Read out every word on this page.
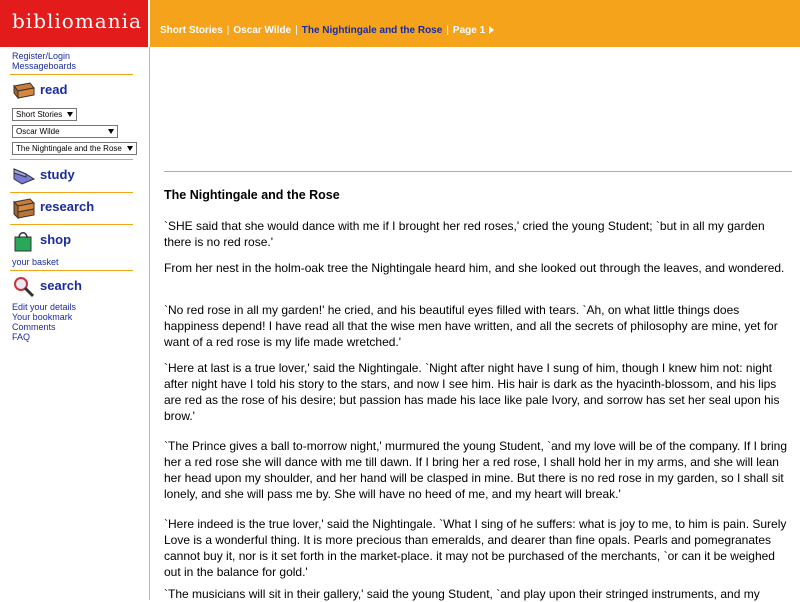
bibliomania Short Stories | Oscar Wilde | The Nightingale and the Rose | Page 1
Register/Login
Messageboards
read
Short Stories
Oscar Wilde
The Nightingale and the Rose
study
research
shop
your basket
search
Edit your details
Your bookmark
Comments
FAQ
The Nightingale and the Rose

`SHE said that she would dance with me if I brought her red roses,' cried the young Student; `but in all my garden there is no red rose.'

From her nest in the holm-oak tree the Nightingale heard him, and she looked out through the leaves, and wondered.

`No red rose in all my garden!' he cried, and his beautiful eyes filled with tears. `Ah, on what little things does happiness depend! I have read all that the wise men have written, and all the secrets of philosophy are mine, yet for want of a red rose is my life made wretched.'

`Here at last is a true lover,' said the Nightingale. `Night after night have I sung of him, though I knew him not: night after night have I told his story to the stars, and now I see him. His hair is dark as the hyacinth-blossom, and his lips are red as the rose of his desire; but passion has made his lace like pale Ivory, and sorrow has set her seal upon his brow.'

`The Prince gives a ball to-morrow night,' murmured the young Student, `and my love will be of the company. If I bring her a red rose she will dance with me till dawn. If I bring her a red rose, I shall hold her in my arms, and she will lean her head upon my shoulder, and her hand will be clasped in mine. But there is no red rose in my garden, so I shall sit lonely, and she will pass me by. She will have no heed of me, and my heart will break.'

`Here indeed is the true lover,' said the Nightingale. `What I sing of he suffers: what is joy to me, to him is pain. Surely Love is a wonderful thing. It is more precious than emeralds, and dearer than fine opals. Pearls and pomegranates cannot buy it, nor is it set forth in the market-place. it may not be purchased of the merchants, `or can it be weighed out in the balance for gold.'

`The musicians will sit in their gallery,' said the young Student, `and play upon their stringed instruments, and my
